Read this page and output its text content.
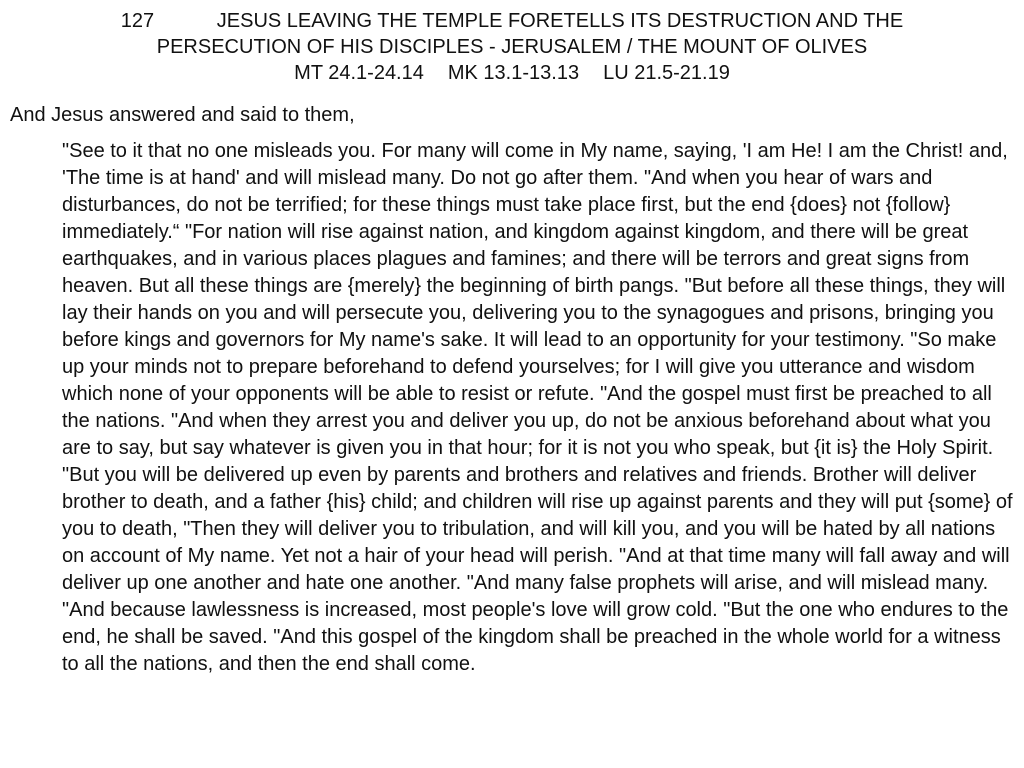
127	JESUS LEAVING THE TEMPLE FORETELLS ITS DESTRUCTION AND THE
PERSECUTION OF HIS DISCIPLES - JERUSALEM / THE MOUNT OF OLIVES
MT 24.1-24.14 MK 13.1-13.13 LU 21.5-21.19
And Jesus answered and said to them,

"See to it that no one misleads you. For many will come in My name, saying, 'I am He! I am the Christ! and, 'The time is at hand' and will mislead many. Do not go after them. "And when you hear of wars and disturbances, do not be terrified; for these things must take place first, but the end {does} not {follow} immediately.“ "For nation will rise against nation, and kingdom against kingdom, and there will be great earthquakes, and in various places plagues and famines; and there will be terrors and great signs from heaven. But all these things are {merely} the beginning of birth pangs. "But before all these things, they will lay their hands on you and will persecute you, delivering you to the synagogues and prisons, bringing you before kings and governors for My name's sake. It will lead to an opportunity for your testimony. "So make up your minds not to prepare beforehand to defend yourselves; for I will give you utterance and wisdom which none of your opponents will be able to resist or refute. "And the gospel must first be preached to all the nations. "And when they arrest you and deliver you up, do not be anxious beforehand about what you are to say, but say whatever is given you in that hour; for it is not you who speak, but {it is} the Holy Spirit. "But you will be delivered up even by parents and brothers and relatives and friends. Brother will deliver brother to death, and a father {his} child; and children will rise up against parents and they will put {some} of you to death, "Then they will deliver you to tribulation, and will kill you, and you will be hated by all nations on account of My name. Yet not a hair of your head will perish. "And at that time many will fall away and will deliver up one another and hate one another. "And many false prophets will arise, and will mislead many. "And because lawlessness is increased, most people's love will grow cold. "But the one who endures to the end, he shall be saved. "And this gospel of the kingdom shall be preached in the whole world for a witness to all the nations, and then the end shall come.
